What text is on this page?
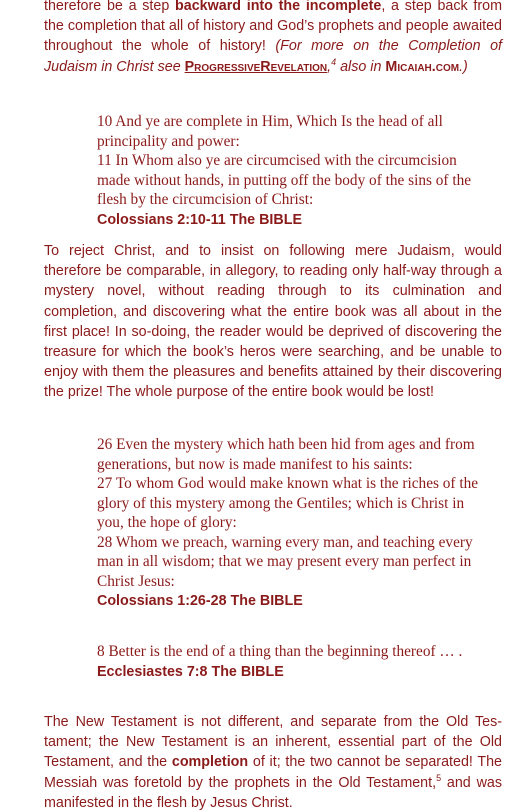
therefore be a step backward into the incomplete, a step back from the completion that all of history and God’s prophets and people awaited throughout the whole of history! (For more on the Completion of Judaism in Christ see ProgressiveRevelation,$^4$ also in Micaiah.com.)

10 And ye are complete in Him, Which Is the head of all principality and power:
11 In Whom also ye are circumcised with the circumcision made without hands, in putting off the body of the sins of the flesh by the circumcision of Christ:
Colossians 2:10-11 The BIBLE

To reject Christ, and to insist on following mere Judaism, would therefore be comparable, in allegory, to reading only half-way through a mystery novel, without reading through to its culmination and completion, and discovering what the entire book was all about in the first place! In so-doing, the reader would be deprived of discovering the treasure for which the book’s heros were searching, and be unable to enjoy with them the pleasures and benefits attained by their discovering the prize! The whole purpose of the entire book would be lost!

26 Even the mystery which hath been hid from ages and from generations, but now is made manifest to his saints:
27 To whom God would make known what is the riches of the glory of this mystery among the Gentiles; which is Christ in you, the hope of glory:
28 Whom we preach, warning every man, and teaching every man in all wisdom; that we may present every man perfect in Christ Jesus:
Colossians 1:26-28 The BIBLE
8 Better is the end of a thing than the beginning thereof … .
Ecclesiastes 7:8 The BIBLE

The New Testament is not different, and separate from the Old Testament; the New Testament is an inherent, essential part of the Old Testament, and the completion of it; the two cannot be separated! The Messiah was foretold by the prophets in the Old Testament,$^5$ and was manifested in the flesh by Jesus Christ.
